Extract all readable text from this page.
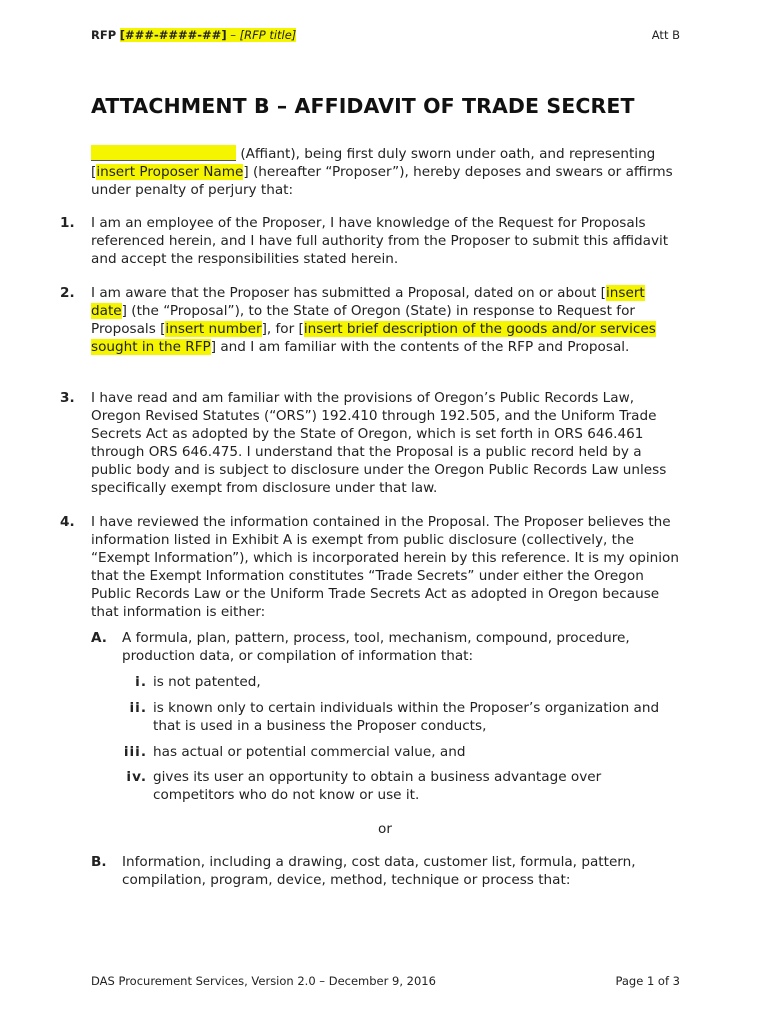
RFP [###-####-##] – [RFP title]	Att B
ATTACHMENT B – AFFIDAVIT OF TRADE SECRET
(Affiant), being first duly sworn under oath, and representing [insert Proposer Name] (hereafter “Proposer”), hereby deposes and swears or affirms under penalty of perjury that:
1.	I am an employee of the Proposer, I have knowledge of the Request for Proposals referenced herein, and I have full authority from the Proposer to submit this affidavit and accept the responsibilities stated herein.
2.	I am aware that the Proposer has submitted a Proposal, dated on or about [insert date] (the “Proposal”), to the State of Oregon (State) in response to Request for Proposals [insert number], for [insert brief description of the goods and/or services sought in the RFP] and I am familiar with the contents of the RFP and Proposal.
3.	I have read and am familiar with the provisions of Oregon’s Public Records Law, Oregon Revised Statutes (“ORS”) 192.410 through 192.505, and the Uniform Trade Secrets Act as adopted by the State of Oregon, which is set forth in ORS 646.461 through ORS 646.475. I understand that the Proposal is a public record held by a public body and is subject to disclosure under the Oregon Public Records Law unless specifically exempt from disclosure under that law.
4.	I have reviewed the information contained in the Proposal. The Proposer believes the information listed in Exhibit A is exempt from public disclosure (collectively, the “Exempt Information”), which is incorporated herein by this reference. It is my opinion that the Exempt Information constitutes “Trade Secrets” under either the Oregon Public Records Law or the Uniform Trade Secrets Act as adopted in Oregon because that information is either:
A. A formula, plan, pattern, process, tool, mechanism, compound, procedure, production data, or compilation of information that:
i. is not patented,
ii. is known only to certain individuals within the Proposer’s organization and that is used in a business the Proposer conducts,
iii. has actual or potential commercial value, and
iv. gives its user an opportunity to obtain a business advantage over competitors who do not know or use it.
or
B. Information, including a drawing, cost data, customer list, formula, pattern, compilation, program, device, method, technique or process that:
DAS Procurement Services, Version 2.0 – December 9, 2016	Page 1 of 3
